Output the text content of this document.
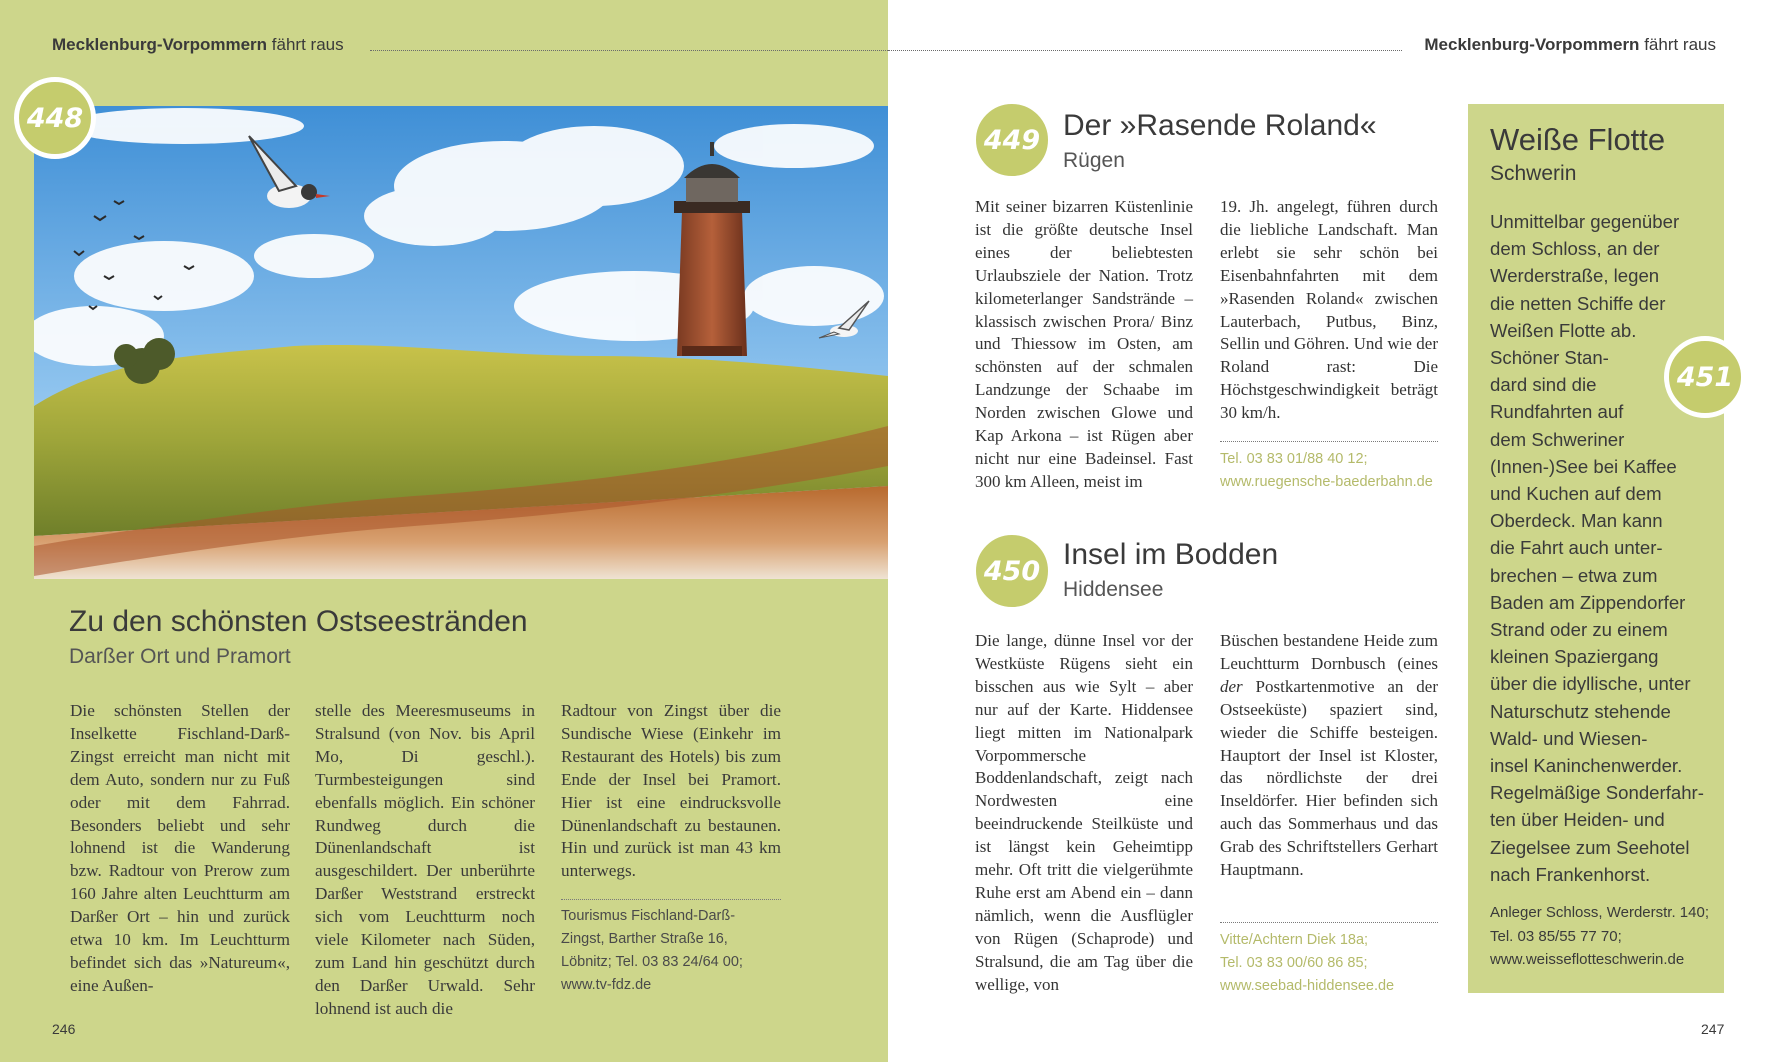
Mecklenburg-Vorpommern fährt raus	Mecklenburg-Vorpommern fährt raus
448
Zu den schönsten Ostseestränden
Darßer Ort und Pramort

Die schönsten Stellen der Inselkette Fischland-Darß-Zingst erreicht man nicht mit dem Auto, sondern nur zu Fuß oder mit dem Fahrrad. Besonders beliebt und sehr lohnend ist die Wanderung bzw. Radtour von Prerow zum 160 Jahre alten Leuchtturm am Darßer Ort – hin und zurück etwa 10 km. Im Leuchtturm befindet sich das »Natureum«, eine Außen-

stelle des Meeresmuseums in Stralsund (von Nov. bis April Mo, Di geschl.). Turmbesteigungen sind ebenfalls möglich. Ein schöner Rundweg durch die Dünenlandschaft ist ausgeschildert. Der unberührte Darßer Weststrand erstreckt sich vom Leuchtturm noch viele Kilometer nach Süden, zum Land hin geschützt durch den Darßer Urwald. Sehr lohnend ist auch die

Radtour von Zingst über die Sundische Wiese (Einkehr im Restaurant des Hotels) bis zum Ende der Insel bei Pramort. Hier ist eine eindrucksvolle Dünenlandschaft zu bestaunen. Hin und zurück ist man 43 km unterwegs.

Tourismus Fischland-Darß-
Zingst, Barther Straße 16,
Löbnitz; Tel. 03 83 24/64 00;
www.tv-fdz.de
246
449 Der »Rasende Roland«
Rügen

Mit seiner bizarren Küstenlinie ist die größte deutsche Insel eines der beliebtesten Urlaubsziele der Nation. Trotz kilometerlanger Sandstrände – klassisch zwischen Prora/ Binz und Thiessow im Osten, am schönsten auf der schmalen Landzunge der Schaabe im Norden zwischen Glowe und Kap Arkona – ist Rügen aber nicht nur eine Badeinsel. Fast 300 km Alleen, meist im

19. Jh. angelegt, führen durch die liebliche Landschaft. Man erlebt sie sehr schön bei Eisenbahnfahrten mit dem »Rasenden Roland« zwischen Lauterbach, Putbus, Binz, Sellin und Göhren. Und wie der Roland rast: Die Höchstgeschwindigkeit beträgt 30 km/h.

Tel. 03 83 01/88 40 12;
www.ruegensche-baederbahn.de
450 Insel im Bodden
Hiddensee

Die lange, dünne Insel vor der Westküste Rügens sieht ein bisschen aus wie Sylt – aber nur auf der Karte. Hiddensee liegt mitten im Nationalpark Vorpommersche Boddenlandschaft, zeigt nach Nordwesten eine beeindruckende Steilküste und ist längst kein Geheimtipp mehr. Oft tritt die vielgerühmte Ruhe erst am Abend ein – dann nämlich, wenn die Ausflügler von Rügen (Schaprode) und Stralsund, die am Tag über die wellige, von

Büschen bestandene Heide zum Leuchtturm Dornbusch (eines der Postkartenmotive an der Ostseeküste) spaziert sind, wieder die Schiffe besteigen. Hauptort der Insel ist Kloster, das nördlichste der drei Inseldörfer. Hier befinden sich auch das Sommerhaus und das Grab des Schriftstellers Gerhart Hauptmann.

Vitte/Achtern Diek 18a;
Tel. 03 83 00/60 86 85;
www.seebad-hiddensee.de
Weiße Flotte
Schwerin
Unmittelbar gegenüber
dem Schloss, an der
Werderstraße, legen
die netten Schiffe der
Weißen Flotte ab.
Schöner Stan-
dard sind die
Rundfahrten auf
dem Schweriner
(Innen-)See bei Kaffee
und Kuchen auf dem
Oberdeck. Man kann
die Fahrt auch unter-
brechen – etwa zum
Baden am Zippendorfer
Strand oder zu einem
kleinen Spaziergang
über die idyllische, unter
Naturschutz stehende
Wald- und Wiesen-
insel Kaninchenwerder.
Regelmäßige Sonderfahr-
ten über Heiden- und
Ziegelsee zum Seehotel
nach Frankenhorst.
Anleger Schloss, Werderstr. 140;
Tel. 03 85/55 77 70;
www.weisseflotteschwerin.de
451
247
